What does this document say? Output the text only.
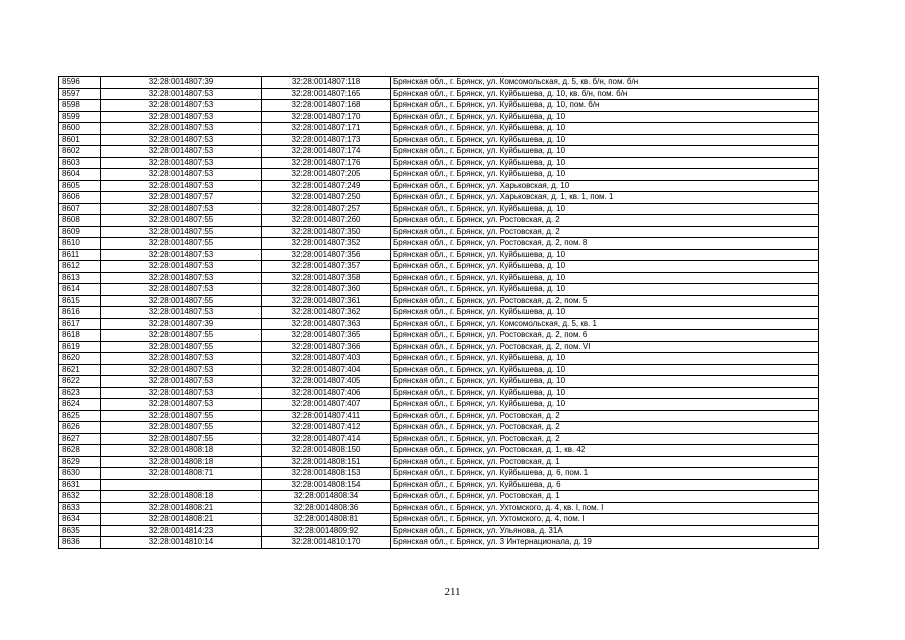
8596	32:28:0014807:39	32:28:0014807:118	Брянская обл., г. Брянск, ул. Комсомольская, д. 5, кв. б/н, пом. б/н
8597	32:28:0014807:53	32:28:0014807:165	Брянская обл., г. Брянск, ул. Куйбышева, д. 10, кв. б/н, пом. б/н
8598	32:28:0014807:53	32:28:0014807:168	Брянская обл., г. Брянск, ул. Куйбышева, д. 10, пом. б/н
8599	32:28:0014807:53	32:28:0014807:170	Брянская обл., г. Брянск, ул. Куйбышева, д. 10
8600	32:28:0014807:53	32:28:0014807:171	Брянская обл., г. Брянск, ул. Куйбышева, д. 10
8601	32:28:0014807:53	32:28:0014807:173	Брянская обл., г. Брянск, ул. Куйбышева, д. 10
8602	32:28:0014807:53	32:28:0014807:174	Брянская обл., г. Брянск, ул. Куйбышева, д. 10
8603	32:28:0014807:53	32:28:0014807:176	Брянская обл., г. Брянск, ул. Куйбышева, д. 10
8604	32:28:0014807:53	32:28:0014807:205	Брянская обл., г. Брянск, ул. Куйбышева, д. 10
8605	32:28:0014807:53	32:28:0014807:249	Брянская обл., г. Брянск, ул. Харьковская, д. 10
8606	32:28:0014807:57	32:28:0014807:250	Брянская обл., г. Брянск, ул. Харьковская, д. 1, кв. 1, пом. 1
8607	32:28:0014807:53	32:28:0014807:257	Брянская обл., г. Брянск, ул. Куйбышева, д. 10
8608	32:28:0014807:55	32:28:0014807:260	Брянская обл., г. Брянск, ул. Ростовская, д. 2
8609	32:28:0014807:55	32:28:0014807:350	Брянская обл., г. Брянск, ул. Ростовская, д. 2
8610	32:28:0014807:55	32:28:0014807:352	Брянская обл., г. Брянск, ул. Ростовская, д. 2, пом. 8
8611	32:28:0014807:53	32:28:0014807:356	Брянская обл., г. Брянск, ул. Куйбышева, д. 10
8612	32:28:0014807:53	32:28:0014807:357	Брянская обл., г. Брянск, ул. Куйбышева, д. 10
8613	32:28:0014807:53	32:28:0014807:358	Брянская обл., г. Брянск, ул. Куйбышева, д. 10
8614	32:28:0014807:53	32:28:0014807:360	Брянская обл., г. Брянск, ул. Куйбышева, д. 10
8615	32:28:0014807:55	32:28:0014807:361	Брянская обл., г. Брянск, ул. Ростовская, д. 2, пом. 5
8616	32:28:0014807:53	32:28:0014807:362	Брянская обл., г. Брянск, ул. Куйбышева, д. 10
8617	32:28:0014807:39	32:28:0014807:363	Брянская обл., г. Брянск, ул. Комсомольская, д. 5, кв. 1
8618	32:28:0014807:55	32:28:0014807:365	Брянская обл., г. Брянск, ул. Ростовская, д. 2, пом. 6
8619	32:28:0014807:55	32:28:0014807:366	Брянская обл., г. Брянск, ул. Ростовская, д. 2, пом. VI
8620	32:28:0014807:53	32:28:0014807:403	Брянская обл., г. Брянск, ул. Куйбышева, д. 10
8621	32:28:0014807:53	32:28:0014807:404	Брянская обл., г. Брянск, ул. Куйбышева, д. 10
8622	32:28:0014807:53	32:28:0014807:405	Брянская обл., г. Брянск, ул. Куйбышева, д. 10
8623	32:28:0014807:53	32:28:0014807:406	Брянская обл., г. Брянск, ул. Куйбышева, д. 10
8624	32:28:0014807:53	32:28:0014807:407	Брянская обл., г. Брянск, ул. Куйбышева, д. 10
8625	32:28:0014807:55	32:28:0014807:411	Брянская обл., г. Брянск, ул. Ростовская, д. 2
8626	32:28:0014807:55	32:28:0014807:412	Брянская обл., г. Брянск, ул. Ростовская, д. 2
8627	32:28:0014807:55	32:28:0014807:414	Брянская обл., г. Брянск, ул. Ростовская, д. 2
8628	32:28:0014808:18	32:28:0014808:150	Брянская обл., г. Брянск, ул. Ростовская, д. 1, кв. 42
8629	32:28:0014808:18	32:28:0014808:151	Брянская обл., г. Брянск, ул. Ростовская, д. 1
8630	32:28:0014808:71	32:28:0014808:153	Брянская обл., г. Брянск, ул. Куйбышева, д. 6, пом. 1
8631		32:28:0014808:154	Брянская обл., г. Брянск, ул. Куйбышева, д. 6
8632	32:28:0014808:18	32:28:0014808:34	Брянская обл., г. Брянск, ул. Ростовская, д. 1
8633	32:28:0014808:21	32:28:0014808:36	Брянская обл., г. Брянск, ул. Ухтомского, д. 4, кв. I, пом. I
8634	32:28:0014808:21	32:28:0014808:81	Брянская обл., г. Брянск, ул. Ухтомского, д. 4, пом. I
8635	32:28:0014814:23	32:28:0014809:92	Брянская обл., г. Брянск, ул. Ульянова, д. 31А
8636	32:28:0014810:14	32:28:0014810:170	Брянская обл., г. Брянск, ул. 3 Интернационала, д. 19
211
